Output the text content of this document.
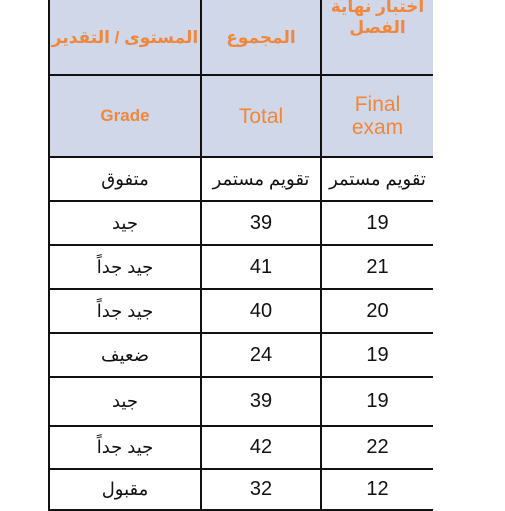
المستوى / التقدير	المجموع	اختبار نهاية الفصل

Grade	Total	Final exam

متفوق	تقويم مستمر	تقويم مستمر
جيد	39	19
جيد جداً	41	21
جيد جداً	40	20
ضعيف	24	19
جيد	39	19
جيد جداً	42	22
مقبول	32	12
